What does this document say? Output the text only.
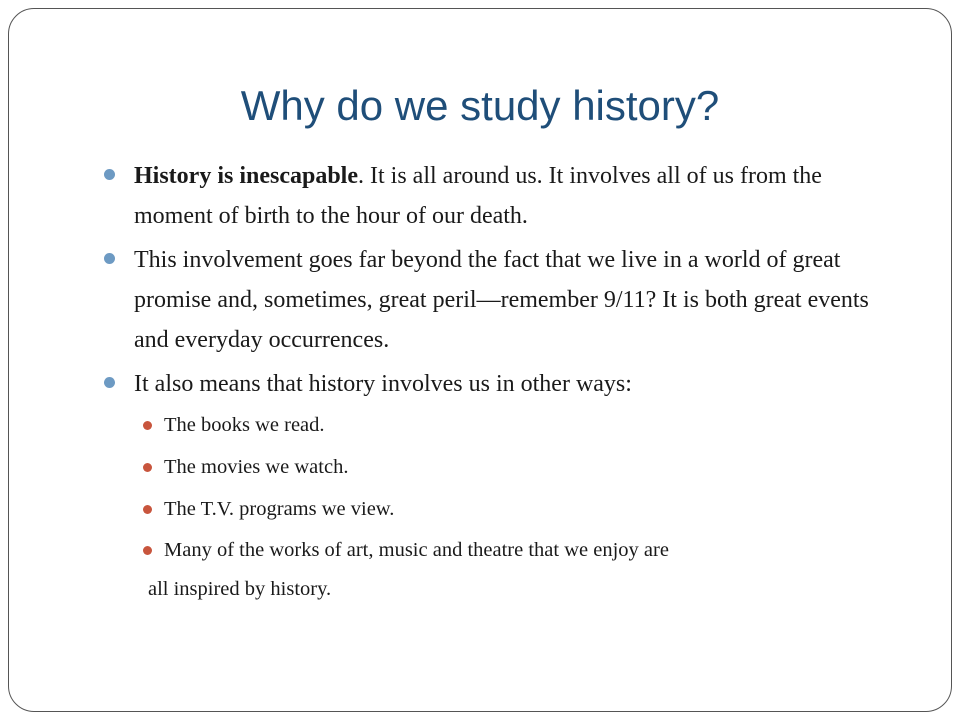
Why do we study history?
History is inescapable. It is all around us. It involves all of us from the moment of birth to the hour of our death.
This involvement goes far beyond the fact that we live in a world of great promise and, sometimes, great peril—remember 9/11? It is both great events and everyday occurrences.
It also means that history involves us in other ways:
The books we read.
The movies we watch.
The T.V. programs we view.
Many of the works of art, music and theatre that we enjoy are
all inspired by history.
